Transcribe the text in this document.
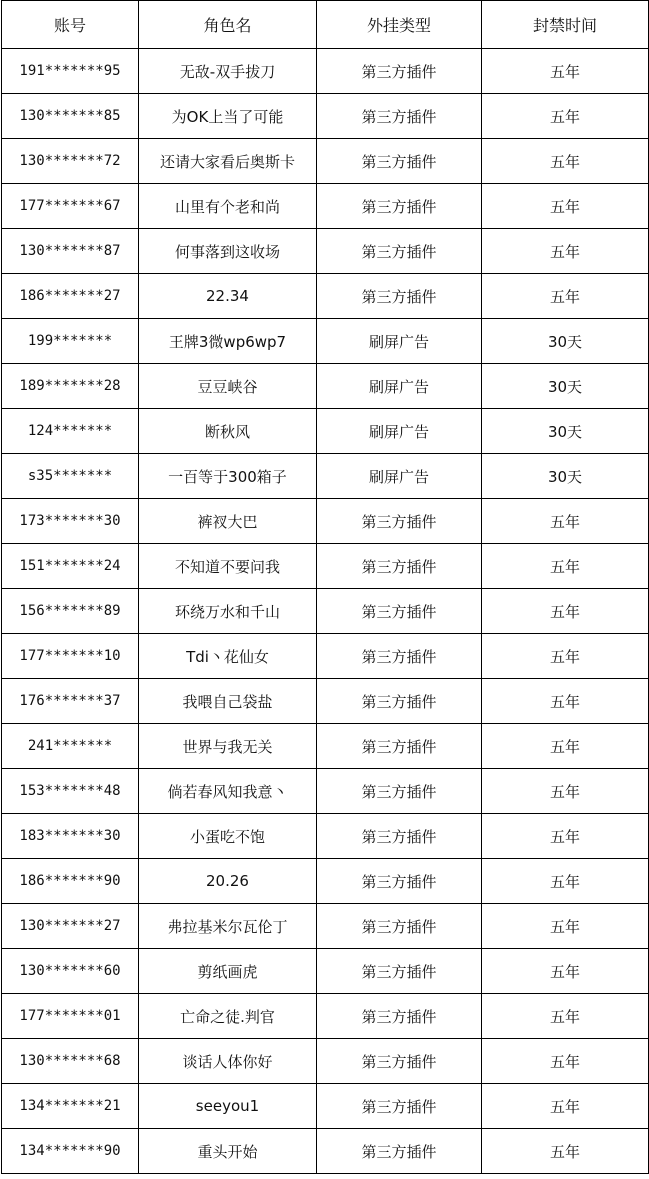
账号	角色名	外挂类型	封禁时间
191*******95	无敌-双手拔刀	第三方插件	五年
130*******85	为OK上当了可能	第三方插件	五年
130*******72	还请大家看后奥斯卡	第三方插件	五年
177*******67	山里有个老和尚	第三方插件	五年
130*******87	何事落到这收场	第三方插件	五年
186*******27	22.34	第三方插件	五年
199*******	王牌3微wp6wp7	刷屏广告	30天
189*******28	豆豆峡谷	刷屏广告	30天
124*******	断秋风	刷屏广告	30天
s35*******	一百等于300箱子	刷屏广告	30天
173*******30	裤衩大巴	第三方插件	五年
151*******24	不知道不要问我	第三方插件	五年
156*******89	环绕万水和千山	第三方插件	五年
177*******10	Tdi丶花仙女	第三方插件	五年
176*******37	我喂自己袋盐	第三方插件	五年
241*******	世界与我无关	第三方插件	五年
153*******48	倘若春风知我意丶	第三方插件	五年
183*******30	小蛋吃不饱	第三方插件	五年
186*******90	20.26	第三方插件	五年
130*******27	弗拉基米尔瓦伦丁	第三方插件	五年
130*******60	剪纸画虎	第三方插件	五年
177*******01	亡命之徒.判官	第三方插件	五年
130*******68	谈话人体你好	第三方插件	五年
134*******21	seeyou1	第三方插件	五年
134*******90	重头开始	第三方插件	五年
